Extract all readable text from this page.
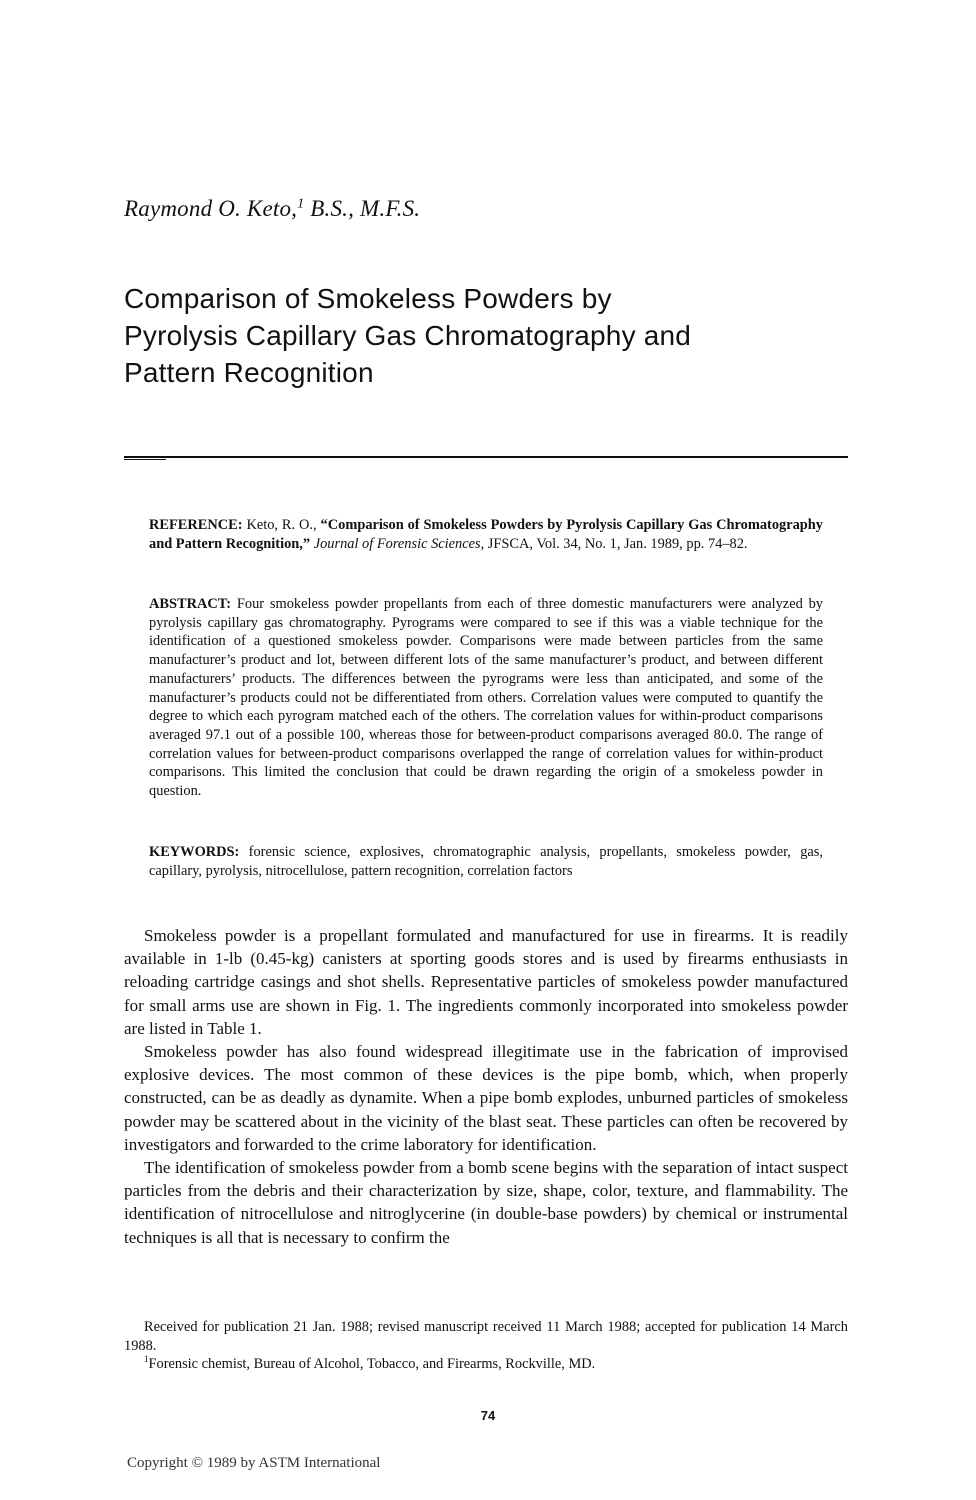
Raymond O. Keto,$^1$ B.S., M.F.S.
Comparison of Smokeless Powders by
Pyrolysis Capillary Gas Chromatography and
Pattern Recognition

REFERENCE: Keto, R. O., “Comparison of Smokeless Powders by Pyrolysis Capillary Gas Chromatography and Pattern Recognition,” Journal of Forensic Sciences, JFSCA, Vol. 34, No. 1, Jan. 1989, pp. 74–82.

ABSTRACT: Four smokeless powder propellants from each of three domestic manufacturers were analyzed by pyrolysis capillary gas chromatography. Pyrograms were compared to see if this was a viable technique for the identification of a questioned smokeless powder. Comparisons were made between particles from the same manufacturer’s product and lot, between different lots of the same manufacturer’s product, and between different manufacturers’ products. The differences between the pyrograms were less than anticipated, and some of the manufacturer’s products could not be differentiated from others. Correlation values were computed to quantify the degree to which each pyrogram matched each of the others. The correlation values for within-product comparisons averaged 97.1 out of a possible 100, whereas those for between-product comparisons averaged 80.0. The range of correlation values for between-product comparisons overlapped the range of correlation values for within-product comparisons. This limited the conclusion that could be drawn regarding the origin of a smokeless powder in question.

KEYWORDS: forensic science, explosives, chromatographic analysis, propellants, smokeless powder, gas, capillary, pyrolysis, nitrocellulose, pattern recognition, correlation factors

Smokeless powder is a propellant formulated and manufactured for use in firearms. It is readily available in 1-lb (0.45-kg) canisters at sporting goods stores and is used by firearms enthusiasts in reloading cartridge casings and shot shells. Representative particles of smokeless powder manufactured for small arms use are shown in Fig. 1. The ingredients commonly incorporated into smokeless powder are listed in Table 1.

Smokeless powder has also found widespread illegitimate use in the fabrication of improvised explosive devices. The most common of these devices is the pipe bomb, which, when properly constructed, can be as deadly as dynamite. When a pipe bomb explodes, unburned particles of smokeless powder may be scattered about in the vicinity of the blast seat. These particles can often be recovered by investigators and forwarded to the crime laboratory for identification.

The identification of smokeless powder from a bomb scene begins with the separation of intact suspect particles from the debris and their characterization by size, shape, color, texture, and flammability. The identification of nitrocellulose and nitroglycerine (in double-base powders) by chemical or instrumental techniques is all that is necessary to confirm the

Received for publication 21 Jan. 1988; revised manuscript received 11 March 1988; accepted for publication 14 March 1988.

$^1$Forensic chemist, Bureau of Alcohol, Tobacco, and Firearms, Rockville, MD.

74
Copyright © 1989 by ASTM International
